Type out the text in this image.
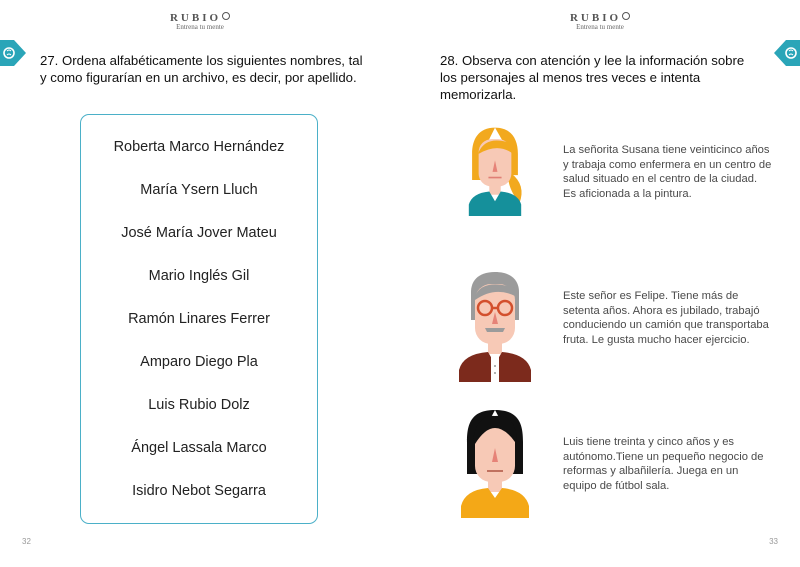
RUBIO
Entrena tu mente
27. Ordena alfabéticamente los siguientes nombres, tal y como figurarían en un archivo, es decir, por apellido.
Roberta Marco Hernández
María Ysern Lluch
José María Jover Mateu
Mario Inglés Gil
Ramón Linares Ferrer
Amparo Diego Pla
Luis Rubio Dolz
Ángel Lassala Marco
Isidro Nebot Segarra
32
RUBIO
Entrena tu mente
28. Observa con atención y lee la información sobre los personajes al menos tres veces e intenta memorizarla.
33
La señorita Susana tiene veinticinco años y trabaja como enfermera en un centro de salud situado en el centro de la ciudad. Es aficionada a la pintura.
Este señor es Felipe. Tiene más de setenta años. Ahora es jubilado, trabajó conduciendo un camión que transportaba fruta. Le gusta mucho hacer ejercicio.
Luis tiene treinta y cinco años y es autónomo.Tiene un pequeño negocio de reformas y albañilería. Juega en un equipo de fútbol sala.
